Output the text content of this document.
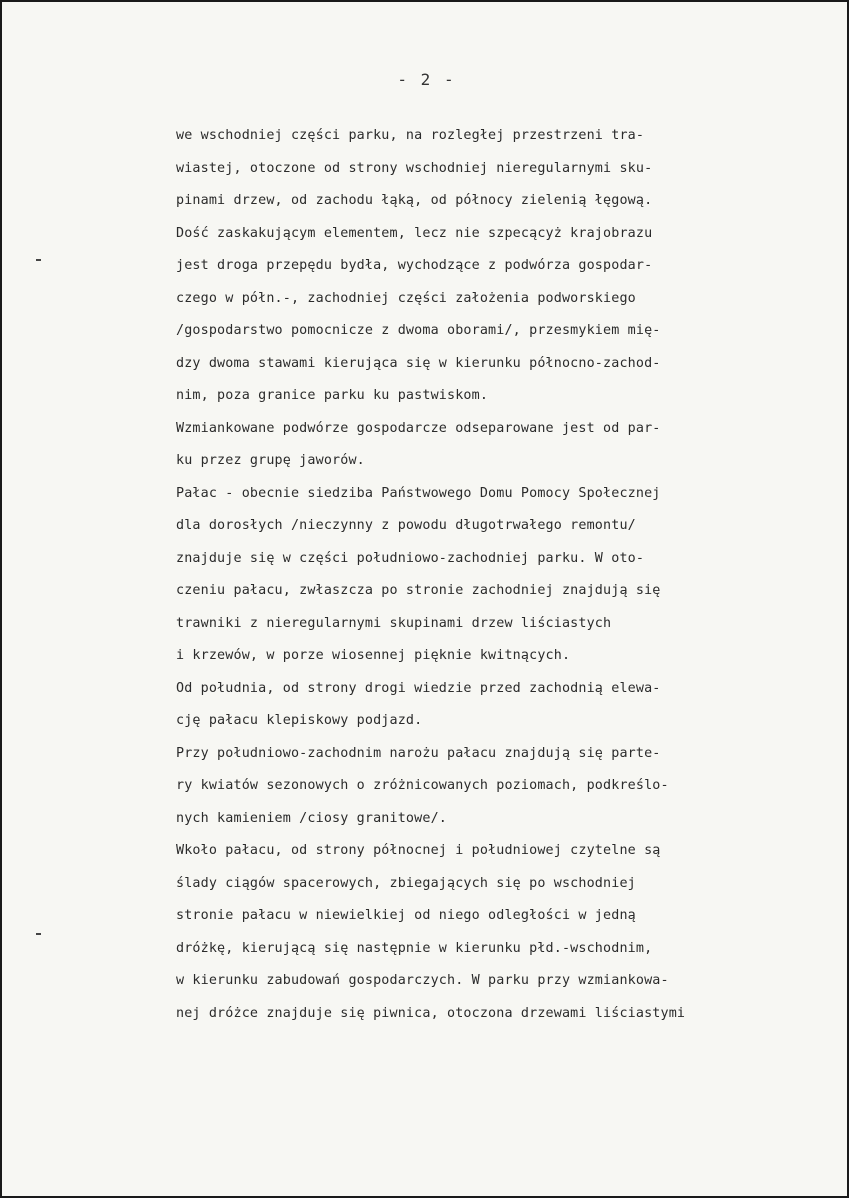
- 2 -
we wschodniej części parku, na rozległej przestrzeni tra-
wiastej, otoczone od strony wschodniej nieregularnymi sku-
pinami drzew, od zachodu łąką, od północy zielenią łęgową.
Dość zaskakującym elementem, lecz nie szpecącyż krajobrazu
jest droga przepędu bydła, wychodzące z podwórza gospodar-
czego w półn.-, zachodniej części założenia podworskiego
/gospodarstwo pomocnicze z dwoma oborami/, przesmykiem mię-
dzy dwoma stawami kierująca się w kierunku północno-zachod-
nim, poza granice parku ku pastwiskom.
Wzmiankowane podwórze gospodarcze odseparowane jest od par-
ku przez grupę jaworów.
Pałac - obecnie siedziba Państwowego Domu Pomocy Społecznej
dla dorosłych /nieczynny z powodu długotrwałego remontu/
znajduje się w części południowo-zachodniej parku. W oto-
czeniu pałacu, zwłaszcza po stronie zachodniej znajdują się
trawniki z nieregularnymi skupinami drzew liściastych
i krzewów, w porze wiosennej pięknie kwitnących.
Od południa, od strony drogi wiedzie przed zachodnią elewa-
cję pałacu klepiskowy podjazd.
Przy południowo-zachodnim narożu pałacu znajdują się parte-
ry kwiatów sezonowych o zróżnicowanych poziomach, podkreślo-
nych kamieniem /ciosy granitowe/.
Wkoło pałacu, od strony północnej i południowej czytelne są
ślady ciągów spacerowych, zbiegających się po wschodniej
stronie pałacu w niewielkiej od niego odległości w jedną
dróżkę, kierującą się następnie w kierunku płd.-wschodnim,
w kierunku zabudowań gospodarczych. W parku przy wzmiankowa-
nej dróżce znajduje się piwnica, otoczona drzewami liściastymi
